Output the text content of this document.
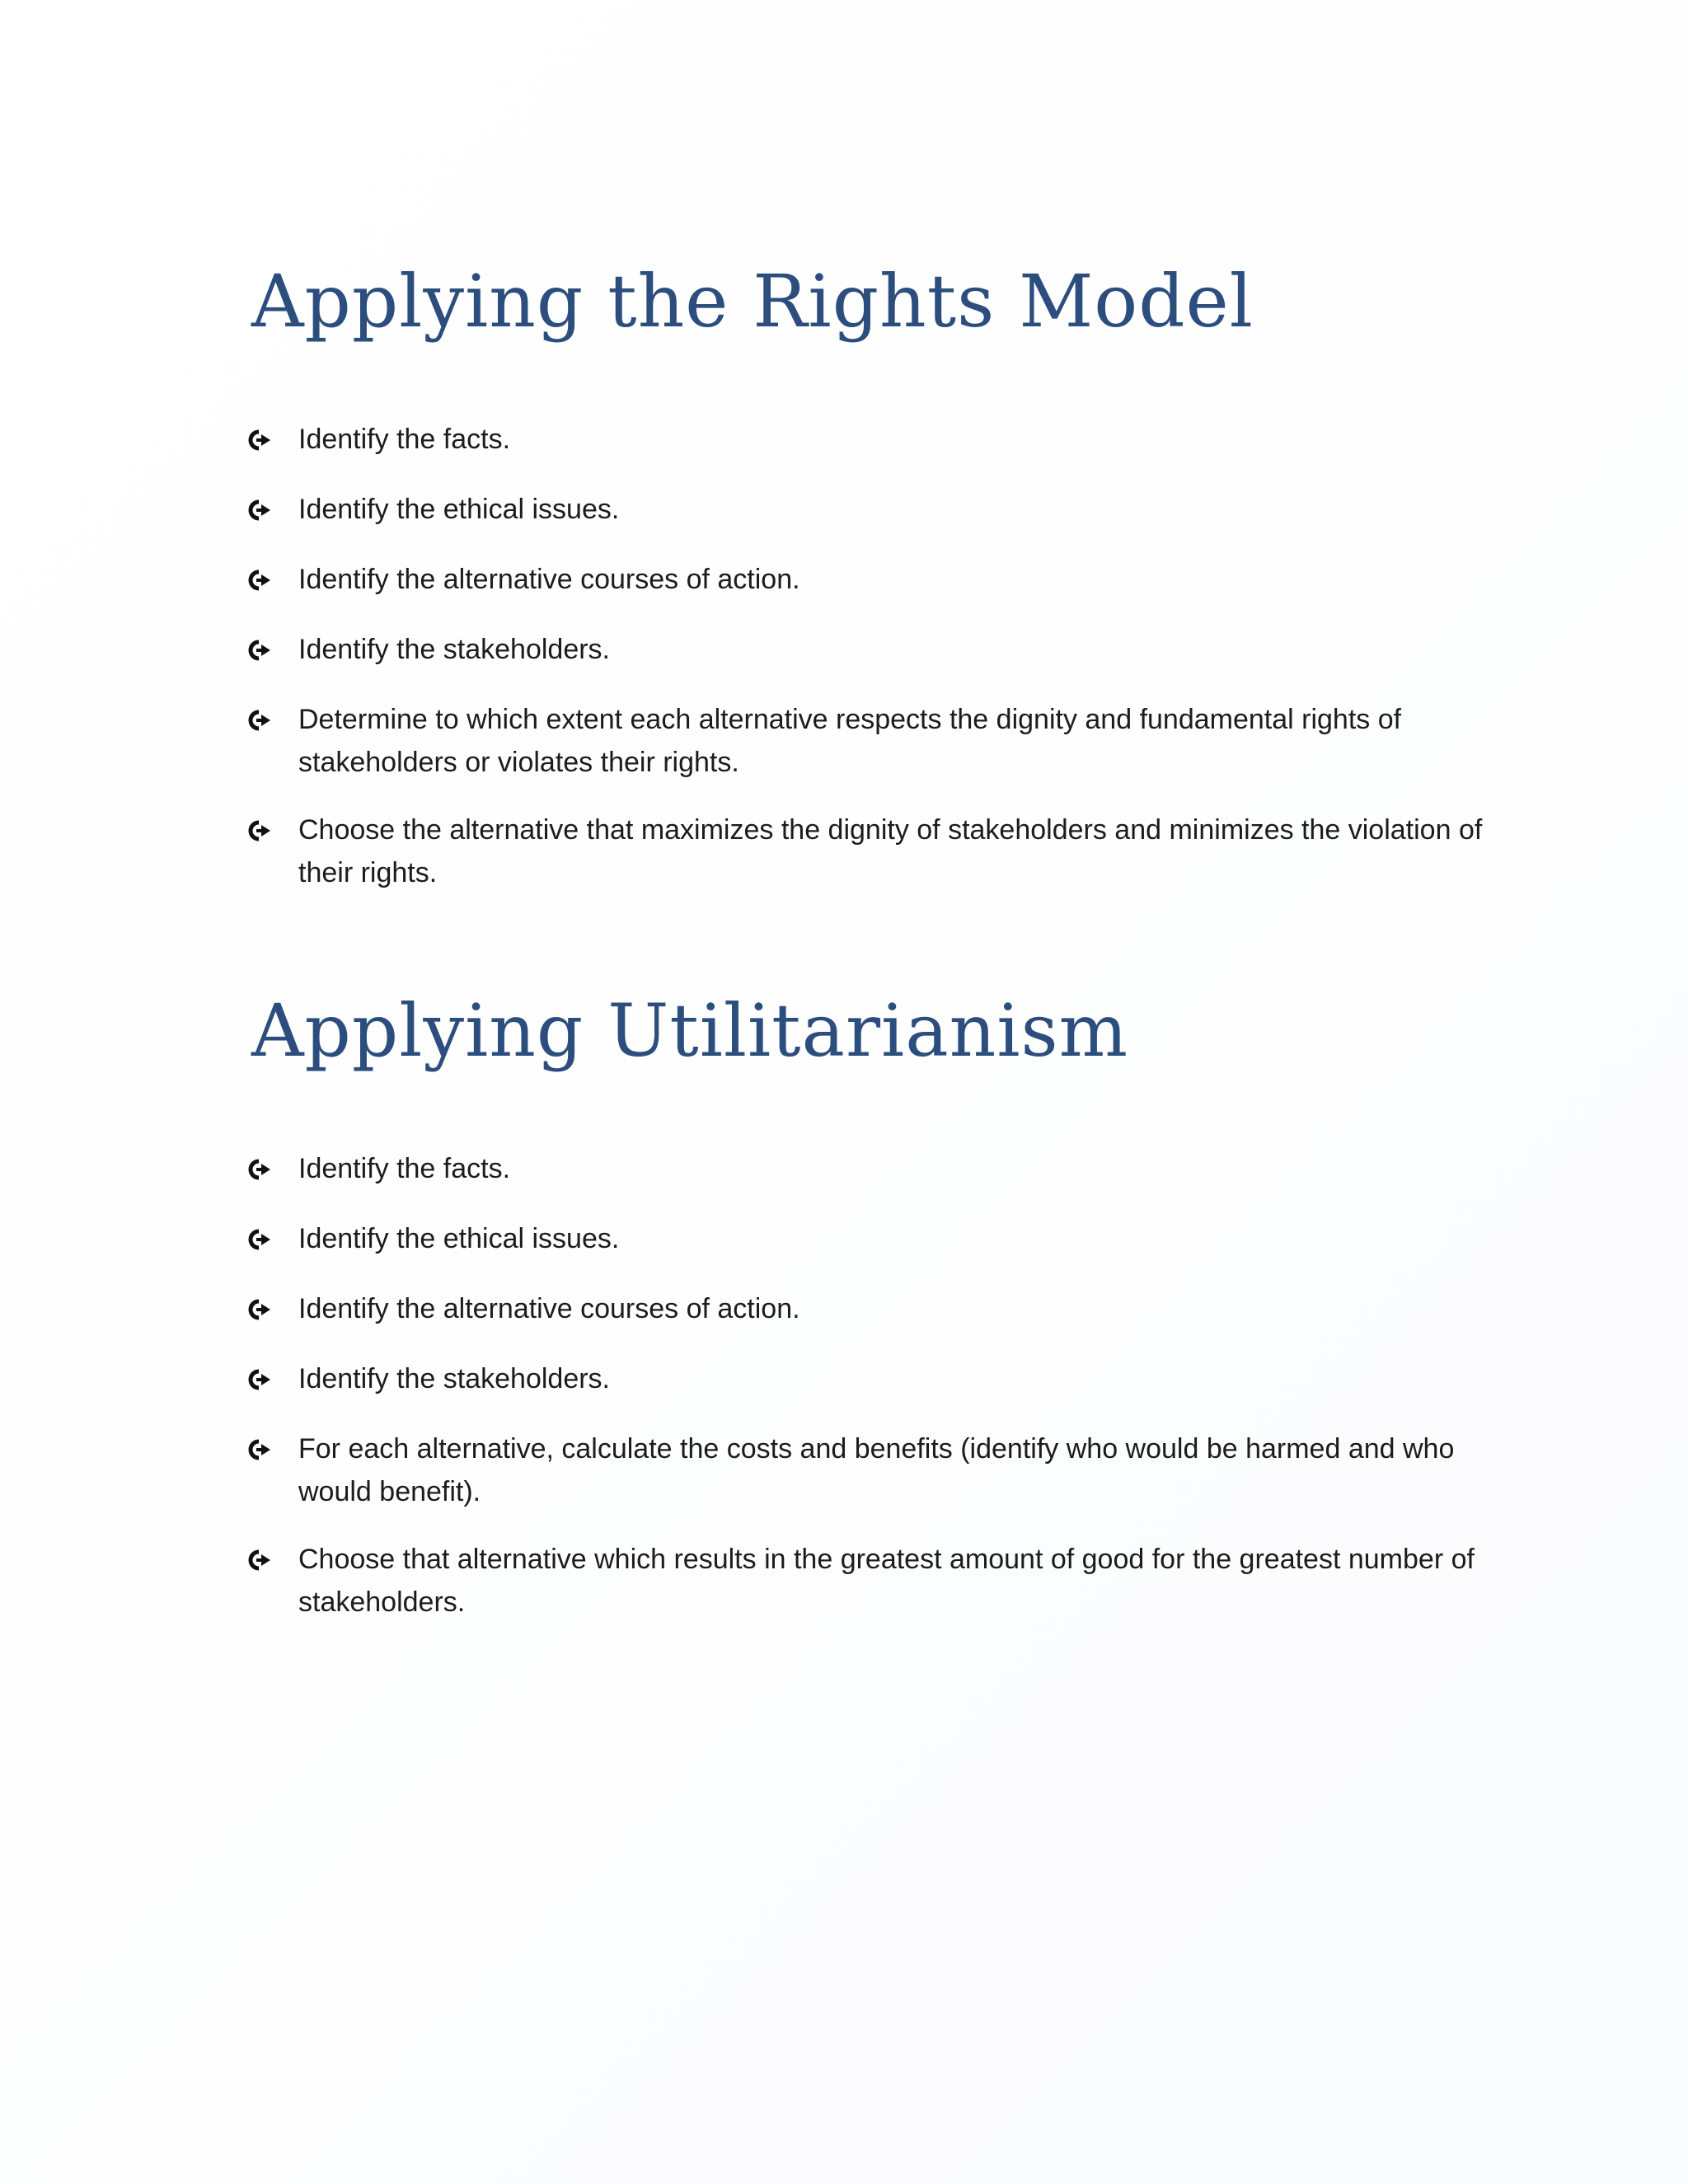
Applying the Rights Model
Identify the facts.
Identify the ethical issues.
Identify the alternative courses of action.
Identify the stakeholders.
Determine to which extent each alternative respects the dignity and fundamental rights of stakeholders or violates their rights.
Choose the alternative that maximizes the dignity of stakeholders and minimizes the violation of their rights.
Applying Utilitarianism
Identify the facts.
Identify the ethical issues.
Identify the alternative courses of action.
Identify the stakeholders.
For each alternative, calculate the costs and benefits (identify who would be harmed and who would benefit).
Choose that alternative which results in the greatest amount of good for the greatest number of stakeholders.
